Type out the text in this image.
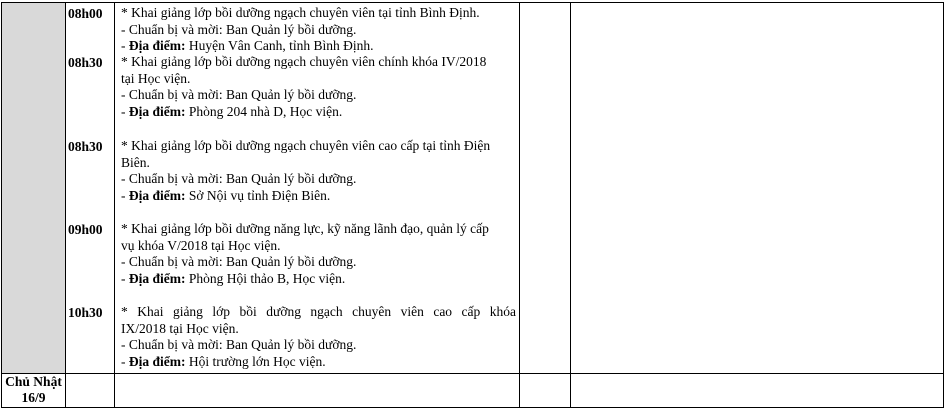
08h00	* Khai giảng lớp bồi dưỡng ngạch chuyên viên tại tỉnh Bình Định.
- Chuẩn bị và mời: Ban Quản lý bồi dưỡng.
- Địa điểm: Huyện Vân Canh, tỉnh Bình Định.
08h30	* Khai giảng lớp bồi dưỡng ngạch chuyên viên chính khóa IV/2018
tại Học viện.
- Chuẩn bị và mời: Ban Quản lý bồi dưỡng.
- Địa điểm: Phòng 204 nhà D, Học viện.
08h30	* Khai giảng lớp bồi dưỡng ngạch chuyên viên cao cấp tại tỉnh Điện
Biên.
- Chuẩn bị và mời: Ban Quản lý bồi dưỡng.
- Địa điểm: Sở Nội vụ tỉnh Điện Biên.
09h00	* Khai giảng lớp bồi dưỡng năng lực, kỹ năng lãnh đạo, quản lý cấp
vụ khóa V/2018 tại Học viện.
- Chuẩn bị và mời: Ban Quản lý bồi dưỡng.
- Địa điểm: Phòng Hội thảo B, Học viện.
10h30	* Khai giảng lớp bồi dưỡng ngạch chuyên viên cao cấp khóa
IX/2018 tại Học viện.
- Chuẩn bị và mời: Ban Quản lý bồi dưỡng.
- Địa điểm: Hội trường lớn Học viện.
Chủ Nhật
16/9
